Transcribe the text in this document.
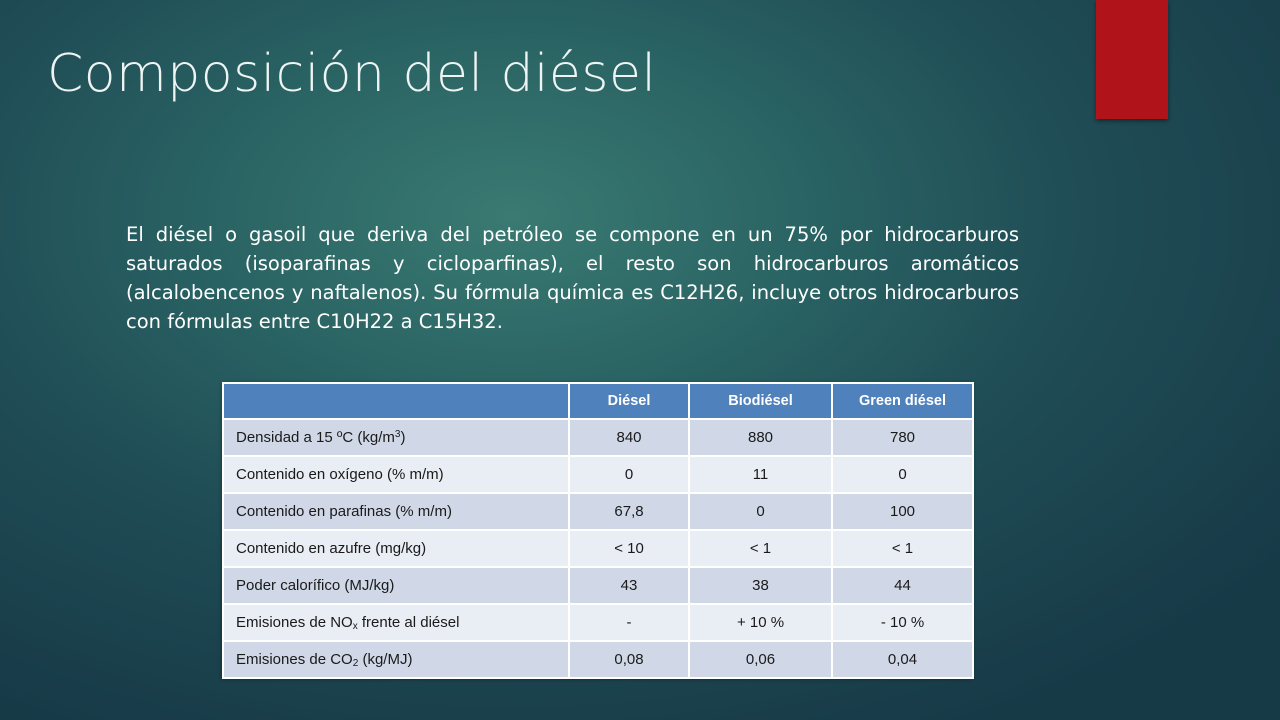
Composición del diésel

El diésel o gasoil que deriva del petróleo se compone en un 75% por hidrocarburos saturados (isoparafinas y cicloparfinas), el resto son hidrocarburos aromáticos (alcalobencenos y naftalenos). Su fórmula química es C12H26, incluye otros hidrocarburos con fórmulas entre C10H22 a C15H32.

	Diésel	Biodiésel	Green diésel
Densidad a 15 ºC $(kg/m^3)$	840	880	780
Contenido en oxígeno (% m/m)	0	11	0
Contenido en parafinas (% m/m)	67,8	0	100
Contenido en azufre (mg/kg)	< 10	< 1	< 1
Poder calorífico (MJ/kg)	43	38	44
Emisiones de $NO_x$ frente al diésel	-	+ 10 %	- 10 %
Emisiones de $CO_2$ (kg/MJ)	0,08	0,06	0,04
